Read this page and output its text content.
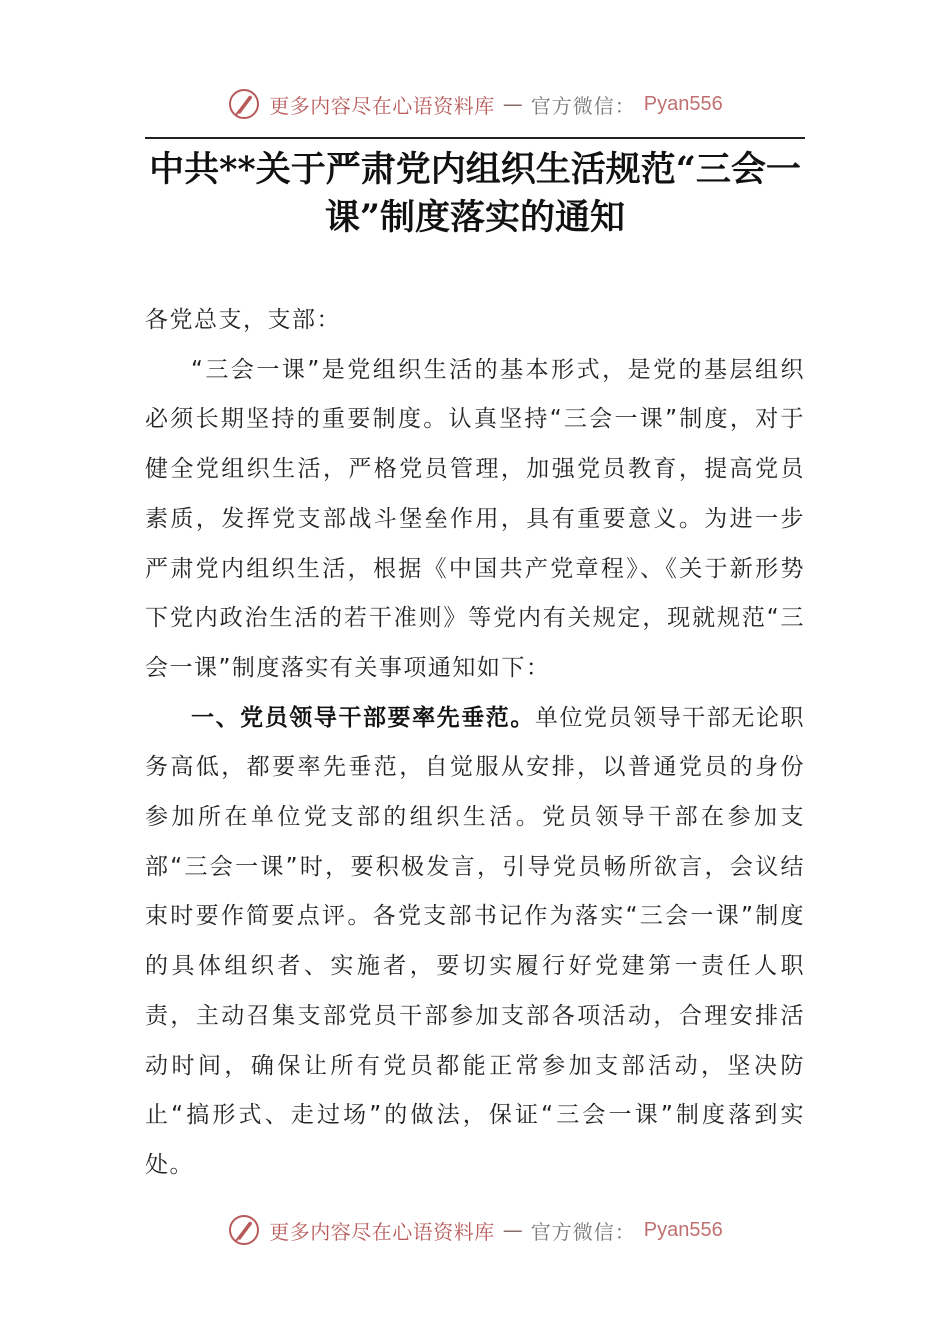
更多内容尽在心语资料库 — 官方微信： Pyan556
中共**关于严肃党内组织生活规范“三会一课”制度落实的通知

各党总支，支部：

“三会一课”是党组织生活的基本形式，是党的基层组织必须长期坚持的重要制度。认真坚持“三会一课”制度，对于健全党组织生活，严格党员管理，加强党员教育，提高党员素质，发挥党支部战斗堡垒作用，具有重要意义。为进一步严肃党内组织生活，根据《中国共产党章程》、《关于新形势下党内政治生活的若干准则》等党内有关规定，现就规范“三会一课”制度落实有关事项通知如下：

一、党员领导干部要率先垂范。单位党员领导干部无论职务高低，都要率先垂范，自觉服从安排，以普通党员的身份参加所在单位党支部的组织生活。党员领导干部在参加支部“三会一课”时，要积极发言，引导党员畅所欲言，会议结束时要作简要点评。各党支部书记作为落实“三会一课”制度的具体组织者、实施者，要切实履行好党建第一责任人职责，主动召集支部党员干部参加支部各项活动，合理安排活动时间，确保让所有党员都能正常参加支部活动，坚决防止“搞形式、走过场”的做法，保证“三会一课”制度落到实处。

更多内容尽在心语资料库 — 官方微信： Pyan556
